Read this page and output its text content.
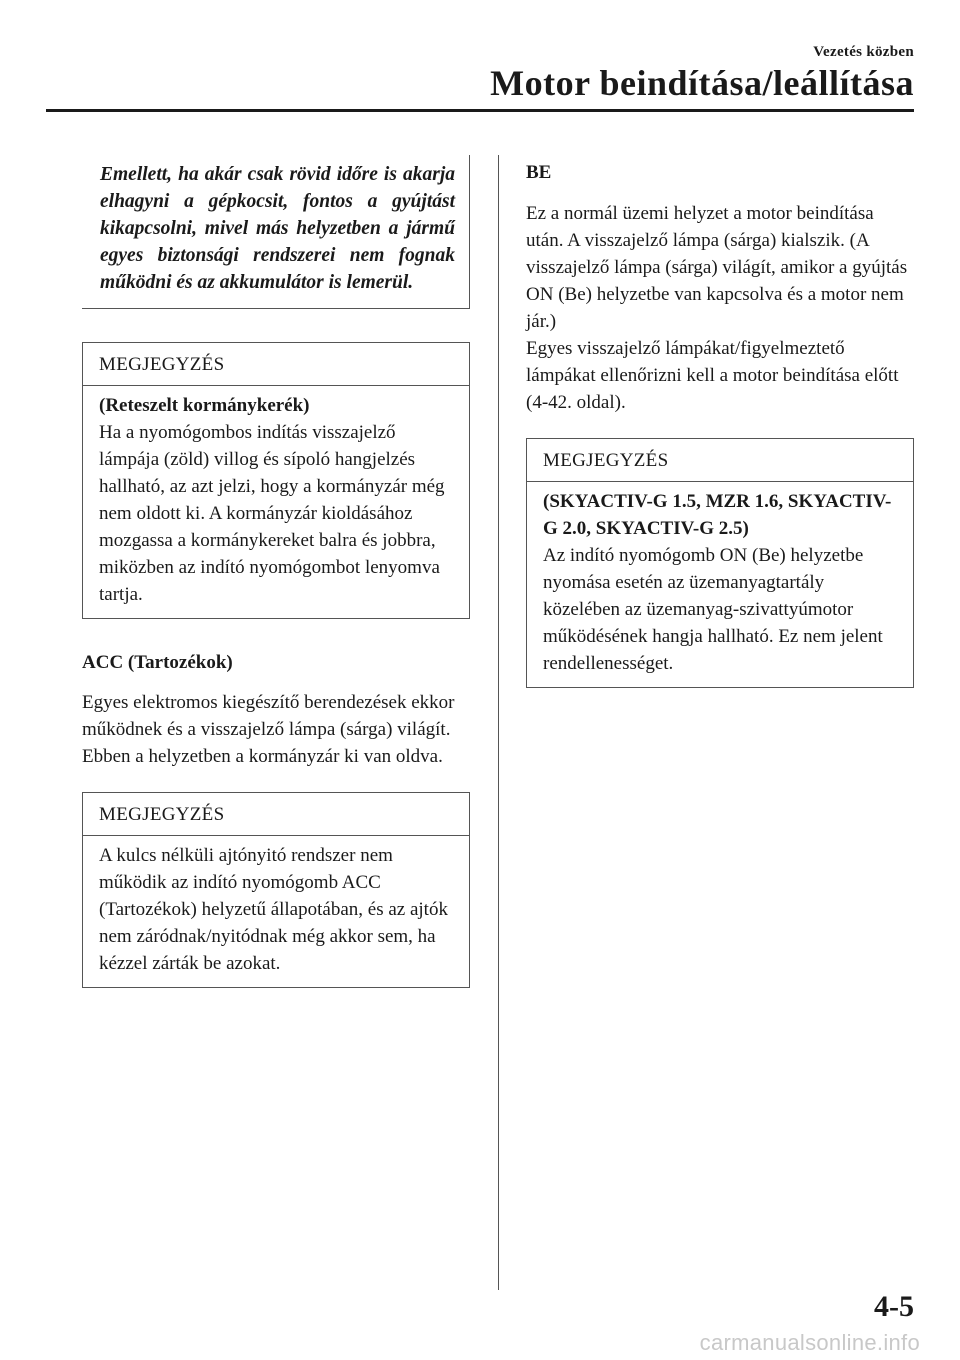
Vezetés közben
Motor beindítása/leállítása
Emellett, ha akár csak rövid időre is akarja elhagyni a gépkocsit, fontos a gyújtást kikapcsolni, mivel más helyzetben a jármű egyes biztonsági rendszerei nem fognak működni és az akkumulátor is lemerül.
MEGJEGYZÉS
(Reteszelt kormánykerék)
Ha a nyomógombos indítás visszajelző lámpája (zöld) villog és sípoló hangjelzés hallható, az azt jelzi, hogy a kormányzár még nem oldott ki. A kormányzár kioldásához mozgassa a kormánykereket balra és jobbra, miközben az indító nyomógombot lenyomva tartja.
ACC (Tartozékok)
Egyes elektromos kiegészítő berendezések ekkor működnek és a visszajelző lámpa (sárga) világít.
Ebben a helyzetben a kormányzár ki van oldva.
MEGJEGYZÉS
A kulcs nélküli ajtónyitó rendszer nem működik az indító nyomógomb ACC (Tartozékok) helyzetű állapotában, és az ajtók nem záródnak/nyitódnak még akkor sem, ha kézzel zárták be azokat.
BE
Ez a normál üzemi helyzet a motor beindítása után. A visszajelző lámpa (sárga) kialszik. (A visszajelző lámpa (sárga) világít, amikor a gyújtás ON (Be) helyzetbe van kapcsolva és a motor nem jár.)
Egyes visszajelző lámpákat/figyelmeztető lámpákat ellenőrizni kell a motor beindítása előtt (4-42. oldal).
MEGJEGYZÉS
(SKYACTIV-G 1.5, MZR 1.6, SKYACTIV-G 2.0, SKYACTIV-G 2.5)
Az indító nyomógomb ON (Be) helyzetbe nyomása esetén az üzemanyagtartály közelében az üzemanyag-szivattyúmotor működésének hangja hallható. Ez nem jelent rendellenességet.
4-5
carmanualsonline.info
